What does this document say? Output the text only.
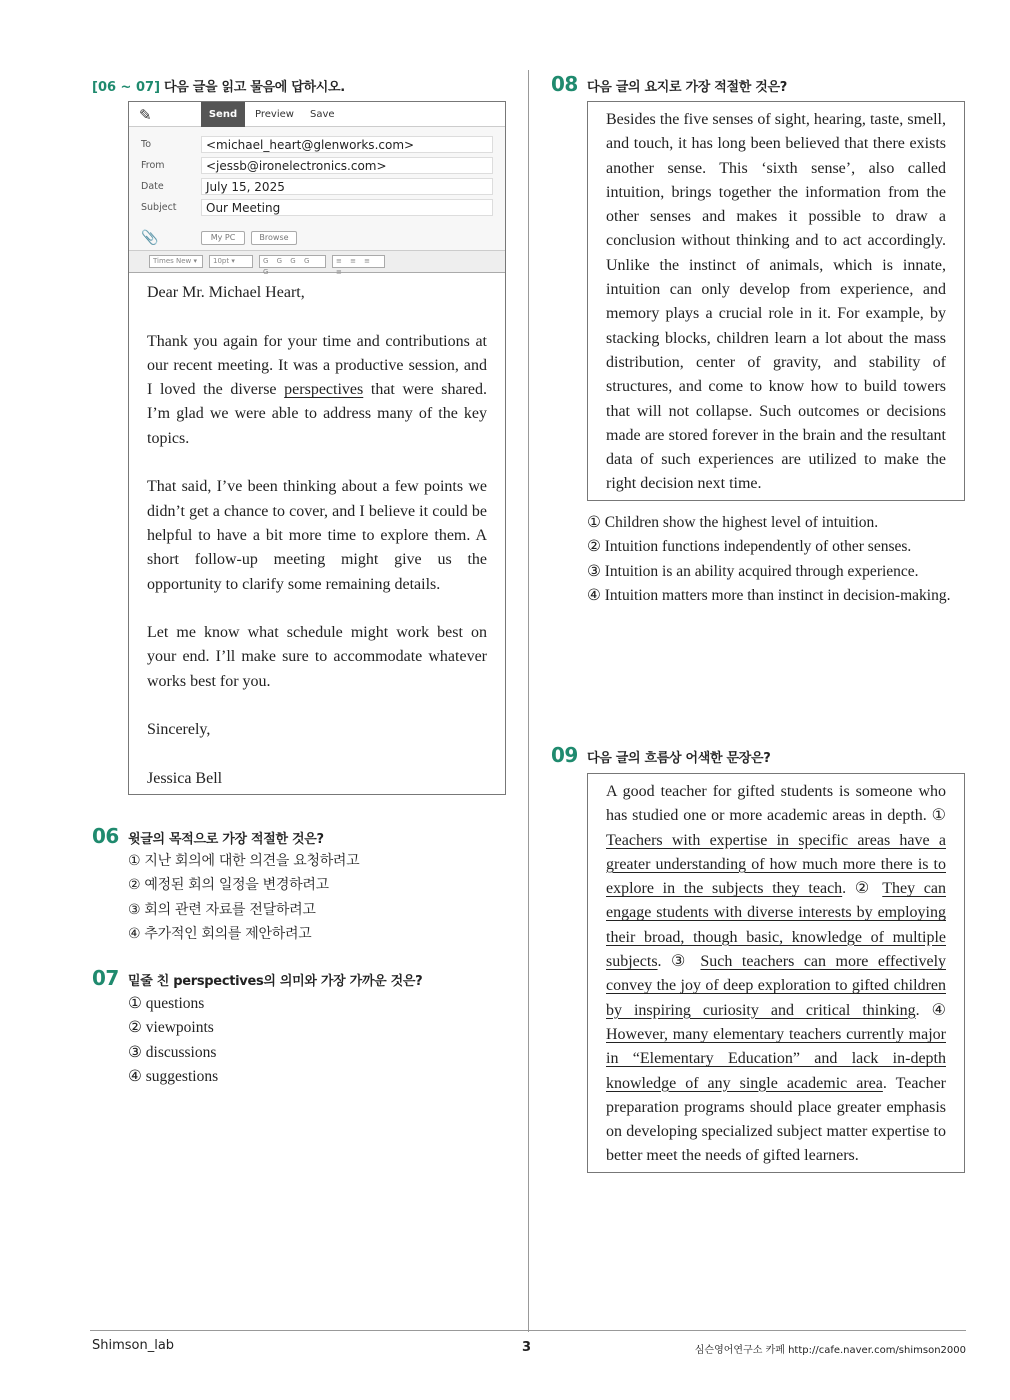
[06 ~ 07] 다음 글을 읽고 물음에 답하시오.
✎	Send	Preview Save
To	<michael_heart@glenworks.com>
From	<jessb@ironelectronics.com>
Date	July 15, 2025
Subject	Our Meeting
📎	My PC	Browse
Times New ▾	10pt ▾	G G G G G
≡ ≡ ≡ ≡

Dear Mr. Michael Heart,

Thank you again for your time and contributions at our recent meeting. It was a productive session, and I loved the diverse perspectives that were shared. I’m glad we were able to address many of the key topics.

That said, I’ve been thinking about a few points we didn’t get a chance to cover, and I believe it could be helpful to have a bit more time to explore them. A short follow-up meeting might give us the opportunity to clarify some remaining details.

Let me know what schedule might work best on your end. I’ll make sure to accommodate whatever works best for you.

Sincerely,

Jessica Bell

06 윗글의 목적으로 가장 적절한 것은?
① 지난 회의에 대한 의견을 요청하려고
② 예정된 회의 일정을 변경하려고
③ 회의 관련 자료를 전달하려고
④ 추가적인 회의를 제안하려고
07 밑줄 친 perspectives의 의미와 가장 가까운 것은?
① questions
② viewpoints
③ discussions
④ suggestions
08 다음 글의 요지로 가장 적절한 것은?
Besides the five senses of sight, hearing, taste, smell, and touch, it has long been believed that there exists another sense. This ‘sixth sense’, also called intuition, brings together the information from the other senses and makes it possible to draw a conclusion without thinking and to act accordingly. Unlike the instinct of animals, which is innate, intuition can only develop from experience, and memory plays a crucial role in it. For example, by stacking blocks, children learn a lot about the mass distribution, center of gravity, and stability of structures, and come to know how to build towers that will not collapse. Such outcomes or decisions made are stored forever in the brain and the resultant data of such experiences are utilized to make the right decision next time.
① Children show the highest level of intuition.
② Intuition functions independently of other senses.
③ Intuition is an ability acquired through experience.
④ Intuition matters more than instinct in decision-making.
09 다음 글의 흐름상 어색한 문장은?
A good teacher for gifted students is someone who has studied one or more academic areas in depth. ① Teachers with expertise in specific areas have a greater understanding of how much more there is to explore in the subjects they teach. ② They can engage students with diverse interests by employing their broad, though basic, knowledge of multiple subjects. ③ Such teachers can more effectively convey the joy of deep exploration to gifted children by inspiring curiosity and critical thinking. ④ However, many elementary teachers currently major in “Elementary Education” and lack in-depth knowledge of any single academic area. Teacher preparation programs should place greater emphasis on developing specialized subject matter expertise to better meet the needs of gifted learners.
Shimson_lab	3	심슨영어연구소 카페 http://cafe.naver.com/shimson2000
